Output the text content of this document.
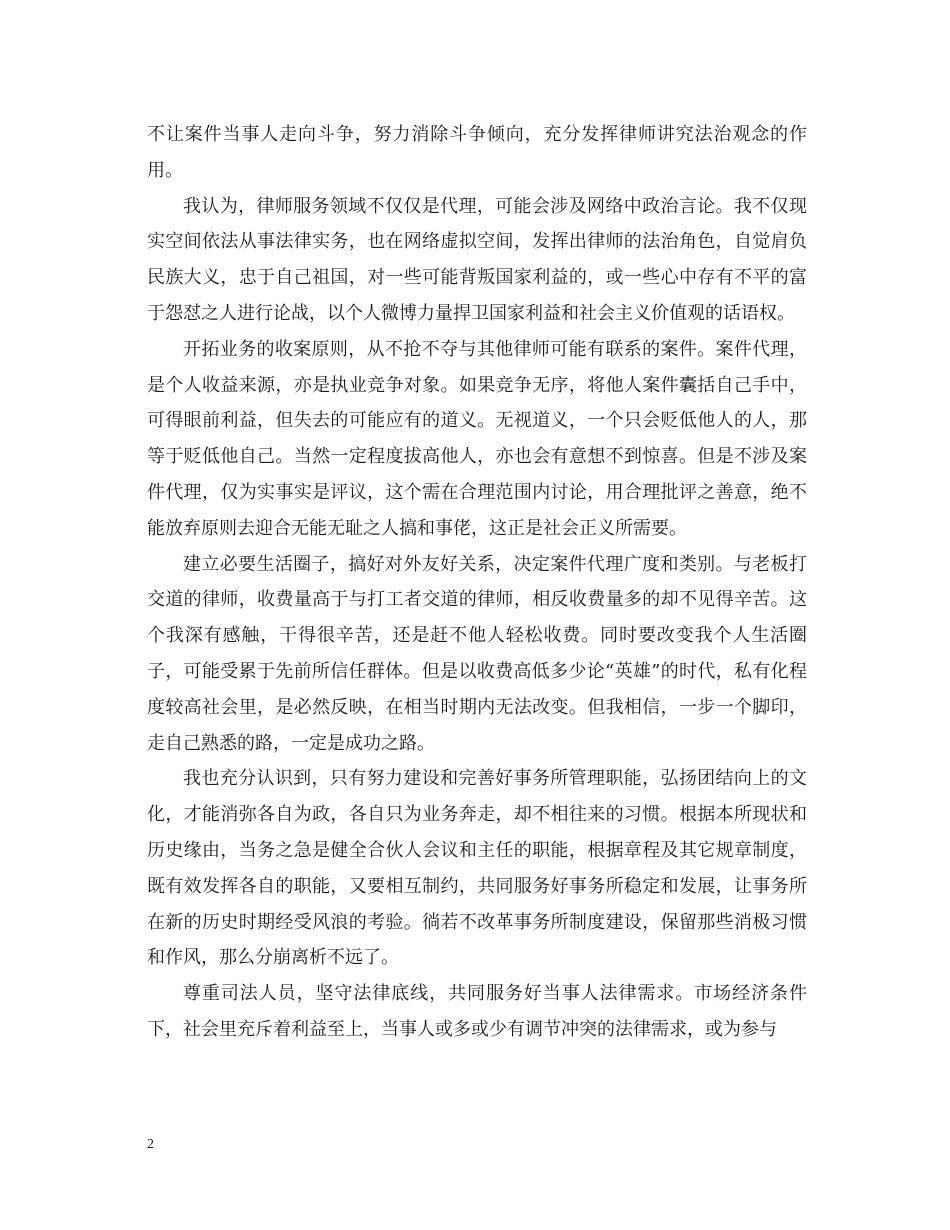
不让案件当事人走向斗争，努力消除斗争倾向，充分发挥律师讲究法治观念的作用。

我认为，律师服务领域不仅仅是代理，可能会涉及网络中政治言论。我不仅现实空间依法从事法律实务，也在网络虚拟空间，发挥出律师的法治角色，自觉肩负民族大义，忠于自己祖国，对一些可能背叛国家利益的，或一些心中存有不平的富于怨怼之人进行论战，以个人微博力量捍卫国家利益和社会主义价值观的话语权。

开拓业务的收案原则，从不抢不夺与其他律师可能有联系的案件。案件代理，是个人收益来源，亦是执业竞争对象。如果竞争无序，将他人案件囊括自己手中，可得眼前利益，但失去的可能应有的道义。无视道义，一个只会贬低他人的人，那等于贬低他自己。当然一定程度拔高他人，亦也会有意想不到惊喜。但是不涉及案件代理，仅为实事实是评议，这个需在合理范围内讨论，用合理批评之善意，绝不能放弃原则去迎合无能无耻之人搞和事佬，这正是社会正义所需要。

建立必要生活圈子，搞好对外友好关系，决定案件代理广度和类别。与老板打交道的律师，收费量高于与打工者交道的律师，相反收费量多的却不见得辛苦。这个我深有感触，干得很辛苦，还是赶不他人轻松收费。同时要改变我个人生活圈子，可能受累于先前所信任群体。但是以收费高低多少论“英雄”的时代，私有化程度较高社会里，是必然反映，在相当时期内无法改变。但我相信，一步一个脚印，走自己熟悉的路，一定是成功之路。

我也充分认识到，只有努力建设和完善好事务所管理职能，弘扬团结向上的文化，才能消弥各自为政，各自只为业务奔走，却不相往来的习惯。根据本所现状和历史缘由，当务之急是健全合伙人会议和主任的职能，根据章程及其它规章制度，既有效发挥各自的职能，又要相互制约，共同服务好事务所稳定和发展，让事务所在新的历史时期经受风浪的考验。徜若不改革事务所制度建设，保留那些消极习惯和作风，那么分崩离析不远了。

尊重司法人员，坚守法律底线，共同服务好当事人法律需求。市场经济条件下，社会里充斥着利益至上，当事人或多或少有调节冲突的法律需求，或为参与

2
